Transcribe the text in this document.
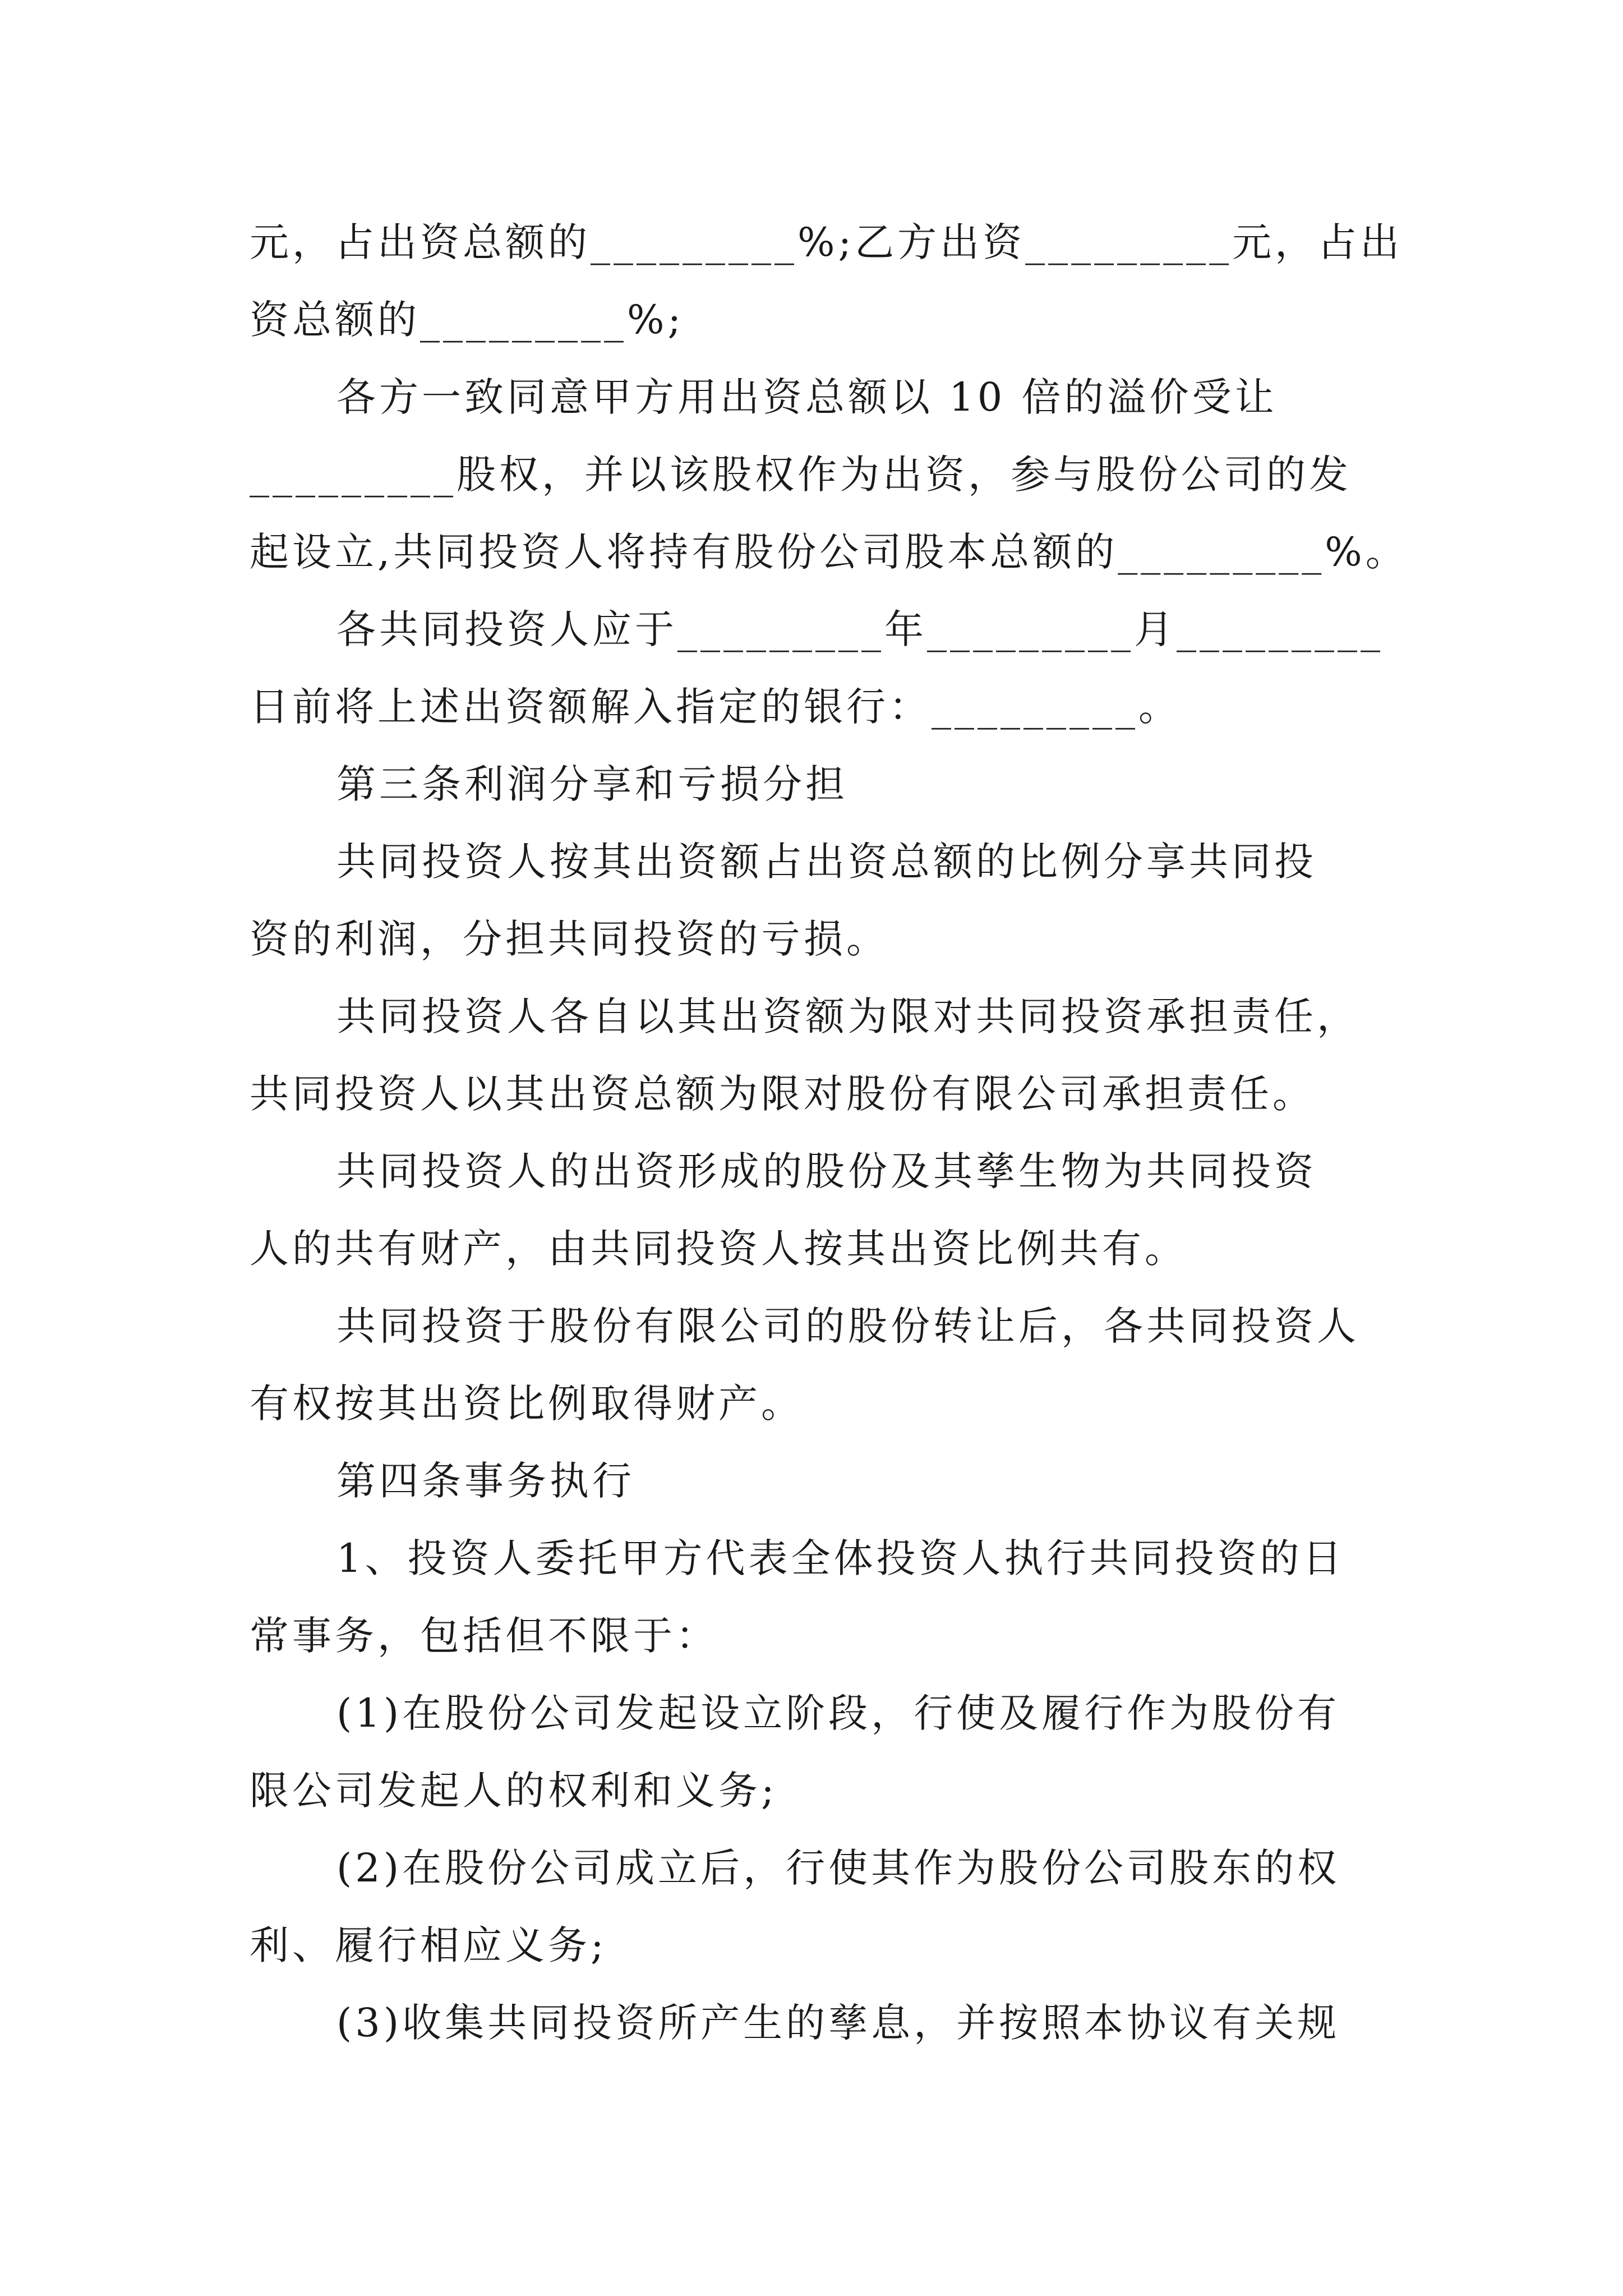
元，占出资总额的_________%;乙方出资_________元，占出
资总额的_________%;
各方一致同意甲方用出资总额以 10 倍的溢价受让
_________股权，并以该股权作为出资，参与股份公司的发
起设立,共同投资人将持有股份公司股本总额的_________%。
各共同投资人应于_________年_________月_________
日前将上述出资额解入指定的银行：_________。
第三条利润分享和亏损分担
共同投资人按其出资额占出资总额的比例分享共同投
资的利润，分担共同投资的亏损。
共同投资人各自以其出资额为限对共同投资承担责任，
共同投资人以其出资总额为限对股份有限公司承担责任。
共同投资人的出资形成的股份及其孳生物为共同投资
人的共有财产，由共同投资人按其出资比例共有。
共同投资于股份有限公司的股份转让后，各共同投资人
有权按其出资比例取得财产。
第四条事务执行
1、投资人委托甲方代表全体投资人执行共同投资的日
常事务，包括但不限于：
(1)在股份公司发起设立阶段，行使及履行作为股份有
限公司发起人的权利和义务;
(2)在股份公司成立后，行使其作为股份公司股东的权
利、履行相应义务;
(3)收集共同投资所产生的孳息，并按照本协议有关规
